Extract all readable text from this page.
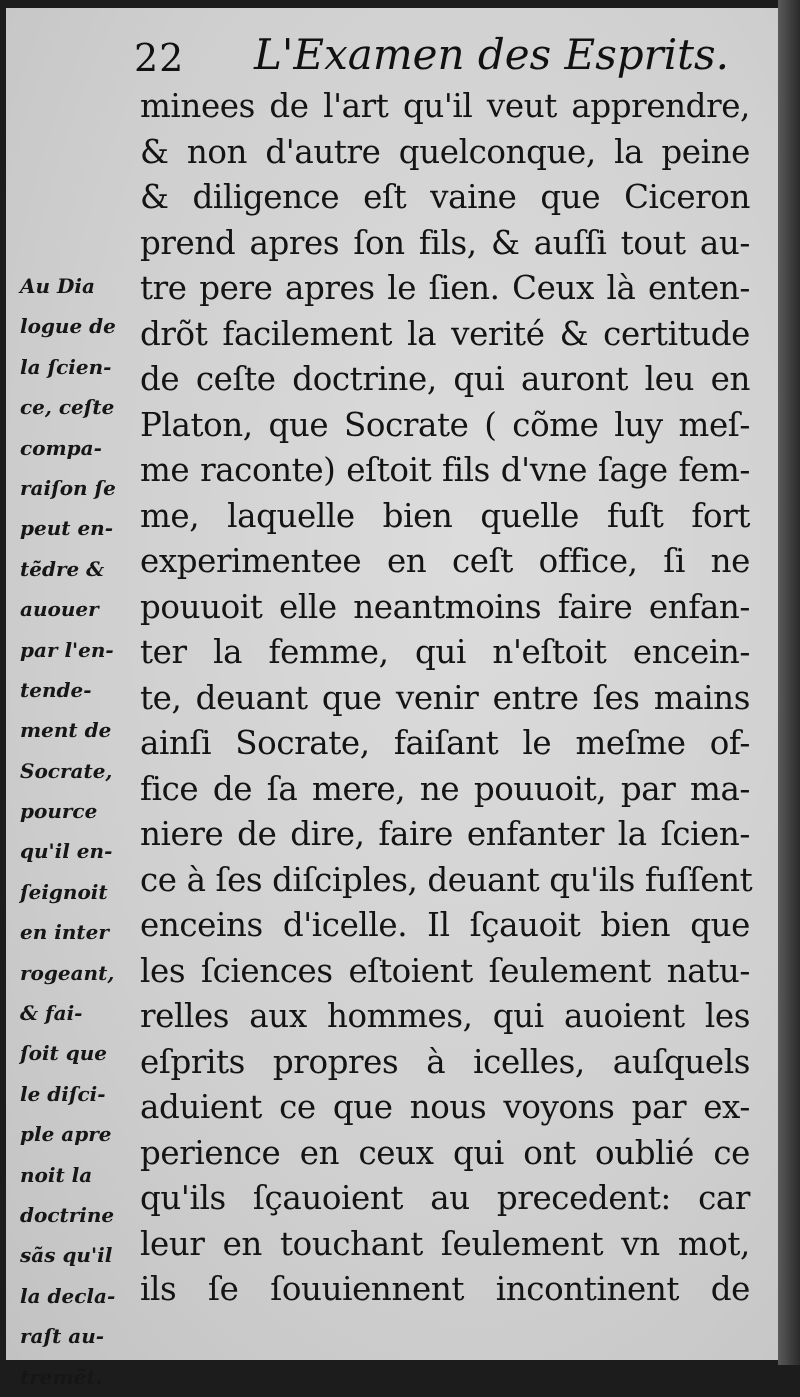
22 L'Examen des Esprits.
minees de l'art qu'il veut apprendre,
& non d'autre quelconque, la peine
& diligence eſt vaine que Ciceron
prend apres ſon fils, & auſſi tout au-
tre pere apres le ſien. Ceux là enten-
drõt facilement la verité & certitude
de ceſte doctrine, qui auront leu en
Platon, que Socrate ( cõme luy meſ-
me raconte) eſtoit fils d'vne ſage fem-
me, laquelle bien quelle fuſt fort
experimentee en ceſt office, ſi ne
pouuoit elle neantmoins faire enfan-
ter la femme, qui n'eſtoit encein-
te, deuant que venir entre ſes mains
ainſi Socrate, faiſant le meſme of-
fice de ſa mere, ne pouuoit, par ma-
niere de dire, faire enfanter la ſcien-
ce à ſes diſciples, deuant qu'ils fuſſent
enceins d'icelle. Il ſçauoit bien que
les ſciences eſtoient ſeulement natu-
relles aux hommes, qui auoient les
eſprits propres à icelles, auſquels
aduient ce que nous voyons par ex-
perience en ceux qui ont oublié ce
qu'ils ſçauoient au precedent: car
leur en touchant ſeulement vn mot,
ils ſe ſouuiennent incontinent de
Au Dia
logue de
la ſcien-
ce, ceſte
compa-
raiſon ſe
peut en-
tẽdre &
auouer
par l'en-
tende-
ment de
Socrate,
pource
qu'il en-
ſeignoit
en inter
rogeant,
& fai-
ſoit que
le diſci-
ple apre
noit la
doctrine
sãs qu'il
la decla-
raſt au-
tremẽt.
